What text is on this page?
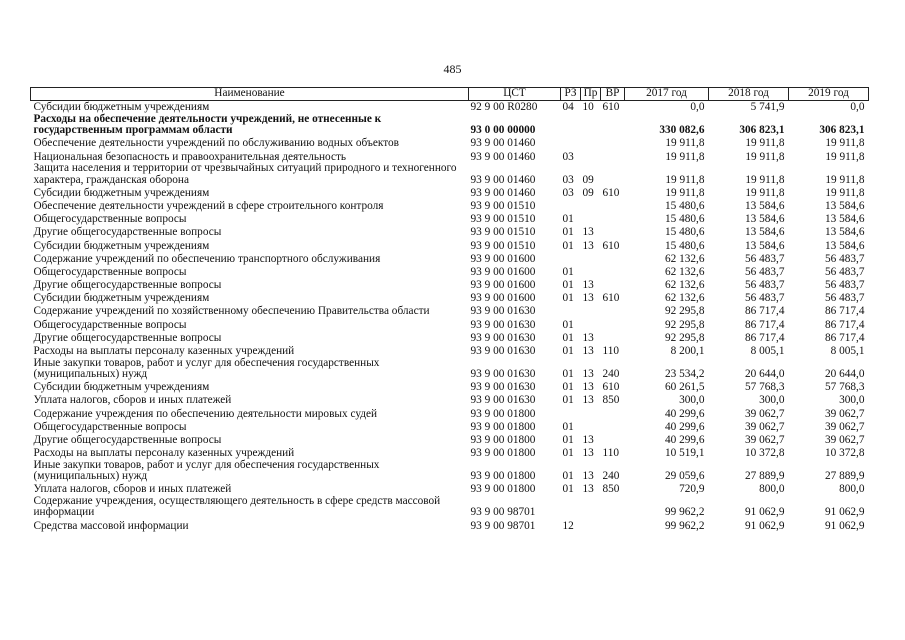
485
Наименование	ЦСТ	РЗ	Пр	ВР	2017 год	2018 год	2019 год
Субсидии бюджетным учреждениям	92 9 00 R0280	04	10	610	0,0	5 741,9	0,0
Расходы на обеспечение деятельности учреждений, не отнесенные к государственным программам области	93 0 00 00000				330 082,6	306 823,1	306 823,1
Обеспечение деятельности учреждений по обслуживанию водных объектов	93 9 00 01460				19 911,8	19 911,8	19 911,8
Национальная безопасность и правоохранительная деятельность	93 9 00 01460	03			19 911,8	19 911,8	19 911,8
Защита населения и территории от чрезвычайных ситуаций природного и техногенного характера, гражданская оборона	93 9 00 01460	03	09		19 911,8	19 911,8	19 911,8
Субсидии бюджетным учреждениям	93 9 00 01460	03	09	610	19 911,8	19 911,8	19 911,8
Обеспечение деятельности учреждений в сфере строительного контроля	93 9 00 01510				15 480,6	13 584,6	13 584,6
Общегосударственные вопросы	93 9 00 01510	01			15 480,6	13 584,6	13 584,6
Другие общегосударственные вопросы	93 9 00 01510	01	13		15 480,6	13 584,6	13 584,6
Субсидии бюджетным учреждениям	93 9 00 01510	01	13	610	15 480,6	13 584,6	13 584,6
Содержание учреждений по обеспечению транспортного обслуживания	93 9 00 01600				62 132,6	56 483,7	56 483,7
Общегосударственные вопросы	93 9 00 01600	01			62 132,6	56 483,7	56 483,7
Другие общегосударственные вопросы	93 9 00 01600	01	13		62 132,6	56 483,7	56 483,7
Субсидии бюджетным учреждениям	93 9 00 01600	01	13	610	62 132,6	56 483,7	56 483,7
Содержание учреждений по хозяйственному обеспечению Правительства области	93 9 00 01630				92 295,8	86 717,4	86 717,4
Общегосударственные вопросы	93 9 00 01630	01			92 295,8	86 717,4	86 717,4
Другие общегосударственные вопросы	93 9 00 01630	01	13		92 295,8	86 717,4	86 717,4
Расходы на выплаты персоналу казенных учреждений	93 9 00 01630	01	13	110	8 200,1	8 005,1	8 005,1
Иные закупки товаров, работ и услуг для обеспечения государственных (муниципальных) нужд	93 9 00 01630	01	13	240	23 534,2	20 644,0	20 644,0
Субсидии бюджетным учреждениям	93 9 00 01630	01	13	610	60 261,5	57 768,3	57 768,3
Уплата налогов, сборов и иных платежей	93 9 00 01630	01	13	850	300,0	300,0	300,0
Содержание учреждения по обеспечению деятельности мировых судей	93 9 00 01800				40 299,6	39 062,7	39 062,7
Общегосударственные вопросы	93 9 00 01800	01			40 299,6	39 062,7	39 062,7
Другие общегосударственные вопросы	93 9 00 01800	01	13		40 299,6	39 062,7	39 062,7
Расходы на выплаты персоналу казенных учреждений	93 9 00 01800	01	13	110	10 519,1	10 372,8	10 372,8
Иные закупки товаров, работ и услуг для обеспечения государственных (муниципальных) нужд	93 9 00 01800	01	13	240	29 059,6	27 889,9	27 889,9
Уплата налогов, сборов и иных платежей	93 9 00 01800	01	13	850	720,9	800,0	800,0
Содержание учреждения, осуществляющего деятельность в сфере средств массовой информации	93 9 00 98701				99 962,2	91 062,9	91 062,9
Средства массовой информации	93 9 00 98701	12			99 962,2	91 062,9	91 062,9
